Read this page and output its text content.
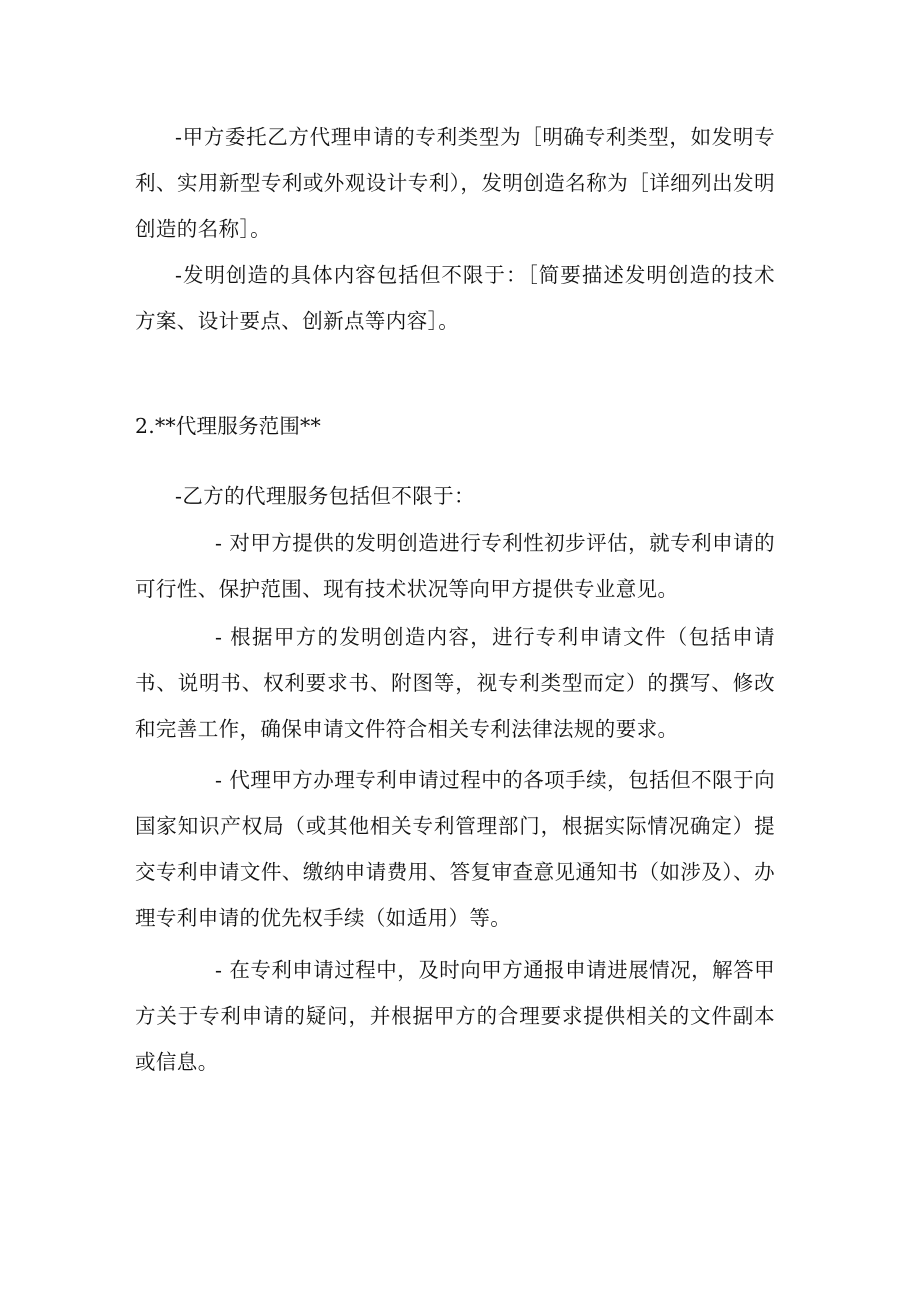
-甲方委托乙方代理申请的专利类型为［明确专利类型，如发明专利、实用新型专利或外观设计专利），发明创造名称为［详细列出发明创造的名称］。

-发明创造的具体内容包括但不限于：［简要描述发明创造的技术方案、设计要点、创新点等内容］。

2.**代理服务范围**

-乙方的代理服务包括但不限于：

- 对甲方提供的发明创造进行专利性初步评估，就专利申请的可行性、保护范围、现有技术状况等向甲方提供专业意见。

- 根据甲方的发明创造内容，进行专利申请文件（包括申请书、说明书、权利要求书、附图等，视专利类型而定）的撰写、修改和完善工作，确保申请文件符合相关专利法律法规的要求。

- 代理甲方办理专利申请过程中的各项手续，包括但不限于向国家知识产权局（或其他相关专利管理部门，根据实际情况确定）提交专利申请文件、缴纳申请费用、答复审查意见通知书（如涉及）、办理专利申请的优先权手续（如适用）等。

- 在专利申请过程中，及时向甲方通报申请进展情况，解答甲方关于专利申请的疑问，并根据甲方的合理要求提供相关的文件副本或信息。
